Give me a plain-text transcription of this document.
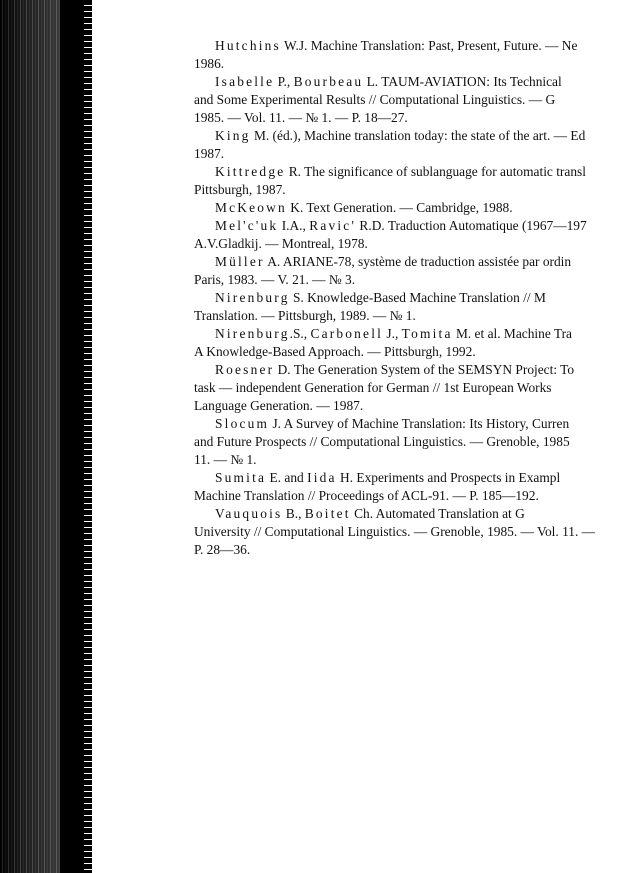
Hutchins W.J. Machine Translation: Past, Present, Future. — Ne
1986.
Isabelle P., Bourbeau L. TAUM-AVIATION: Its Technical
and Some Experimental Results // Computational Linguistics. — G
1985. — Vol. 11. — № 1. — P. 18—27.
King M. (éd.), Machine translation today: the state of the art. — Ed
1987.
Kittredge R. The significance of sublanguage for automatic transl
Pittsburgh, 1987.
McKeown K. Text Generation. — Cambridge, 1988.
Mel'c'uk I.A., Ravic' R.D. Traduction Automatique (1967—197
A.V.Gladkij. — Montreal, 1978.
Müller A. ARIANE-78, système de traduction assistée par ordin
Paris, 1983. — V. 21. — № 3.
Nirenburg S. Knowledge-Based Machine Translation // M
Translation. — Pittsburgh, 1989. — № 1.
Nirenburg.S., Carbonell J., Tomita M. et al. Machine Tra
A Knowledge-Based Approach. — Pittsburgh, 1992.
Roesner D. The Generation System of the SEMSYN Project: To
task — independent Generation for German // 1st European Works
Language Generation. — 1987.
Slocum J. A Survey of Machine Translation: Its History, Curren
and Future Prospects // Computational Linguistics. — Grenoble, 1985
11. — № 1.
Sumita E. and Iida H. Experiments and Prospects in Exampl
Machine Translation // Proceedings of ACL-91. — P. 185—192.
Vauquois B., Boitet Ch. Automated Translation at G
University // Computational Linguistics. — Grenoble, 1985. — Vol. 11. —
P. 28—36.
